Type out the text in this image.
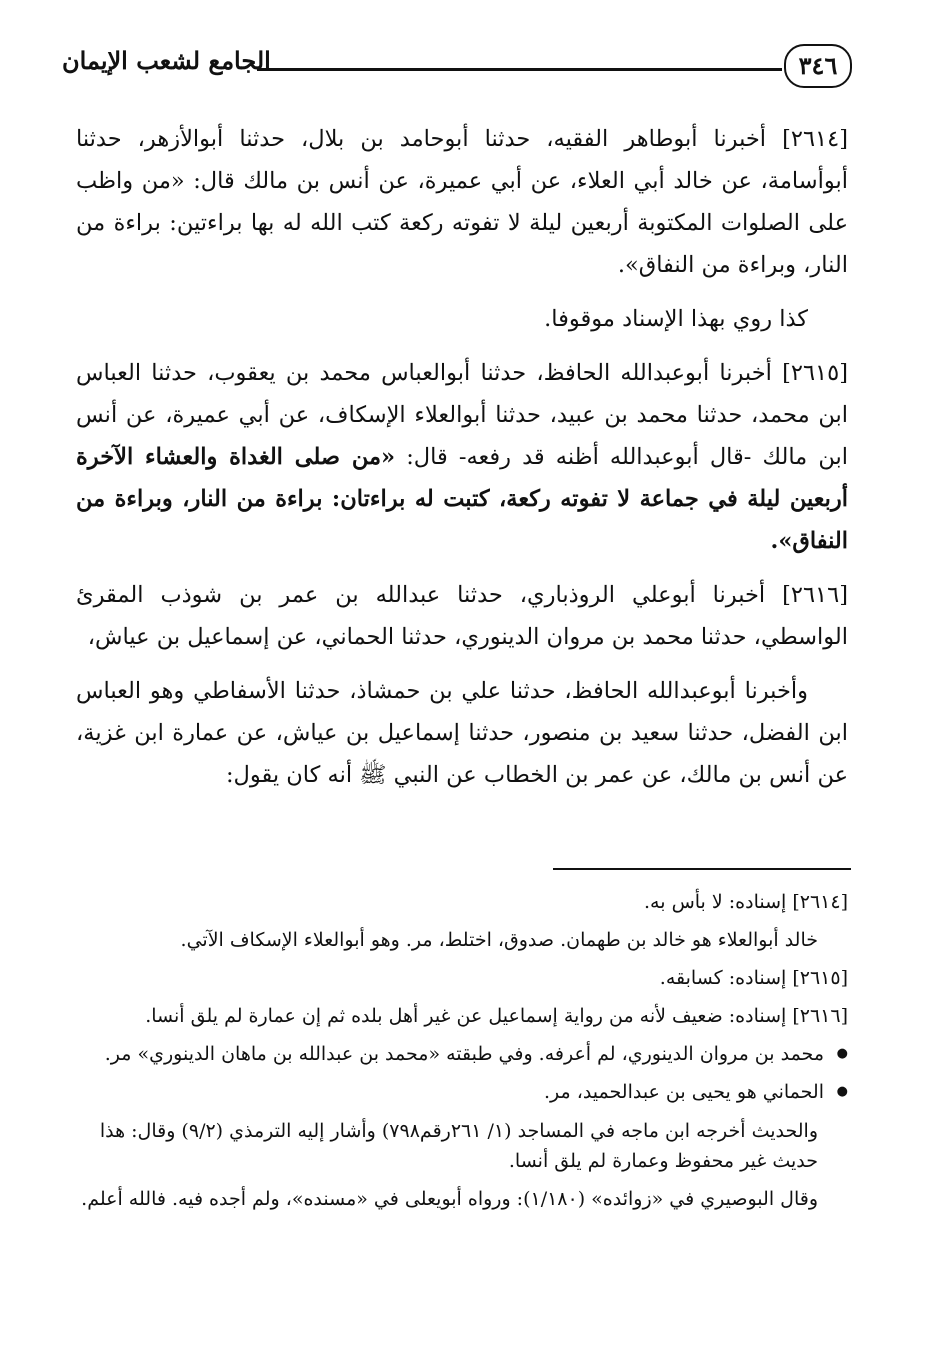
٣٤٦
الجامع لشعب الإيمان

[٢٦١٤] أخبرنا أبوطاهر الفقيه، حدثنا أبوحامد بن بلال، حدثنا أبوالأزهر، حدثنا أبوأسامة، عن خالد أبي العلاء، عن أبي عميرة، عن أنس بن مالك قال: «من واظب على الصلوات المكتوبة أربعين ليلة لا تفوته ركعة كتب الله له بها براءتين: براءة من النار، وبراءة من النفاق».

كذا روي بهذا الإسناد موقوفا.

[٢٦١٥] أخبرنا أبوعبدالله الحافظ، حدثنا أبوالعباس محمد بن يعقوب، حدثنا العباس ابن محمد، حدثنا محمد بن عبيد، حدثنا أبوالعلاء الإسكاف، عن أبي عميرة، عن أنس ابن مالك -قال أبوعبدالله أظنه قد رفعه- قال: «من صلى الغداة والعشاء الآخرة أربعين ليلة في جماعة لا تفوته ركعة، كتبت له براءتان: براءة من النار، وبراءة من النفاق».

[٢٦١٦] أخبرنا أبوعلي الروذباري، حدثنا عبدالله بن عمر بن شوذب المقرئ الواسطي، حدثنا محمد بن مروان الدينوري، حدثنا الحماني، عن إسماعيل بن عياش،

وأخبرنا أبوعبدالله الحافظ، حدثنا علي بن حمشاذ، حدثنا الأسفاطي وهو العباس ابن الفضل، حدثنا سعيد بن منصور، حدثنا إسماعيل بن عياش، عن عمارة ابن غزية، عن أنس بن مالك، عن عمر بن الخطاب عن النبي ﷺ أنه كان يقول:

[٢٦١٤] إسناده: لا بأس به.

خالد أبوالعلاء هو خالد بن طهمان. صدوق، اختلط، مر. وهو أبوالعلاء الإسكاف الآتي.

[٢٦١٥] إسناده: كسابقه.

[٢٦١٦] إسناده: ضعيف لأنه من رواية إسماعيل عن غير أهل بلده ثم إن عمارة لم يلق أنسا.

● محمد بن مروان الدينوري، لم أعرفه. وفي طبقته «محمد بن عبدالله بن ماهان الدينوري» مر.

● الحماني هو يحيى بن عبدالحميد، مر.

والحديث أخرجه ابن ماجه في المساجد (١/ ٢٦١رقم٧٩٨) وأشار إليه الترمذي (٩/٢) وقال: هذا حديث غير محفوظ وعمارة لم يلق أنسا.

وقال البوصيري في «زوائده» (١/١٨٠): ورواه أبويعلى في «مسنده»، ولم أجده فيه. فالله أعلم.
